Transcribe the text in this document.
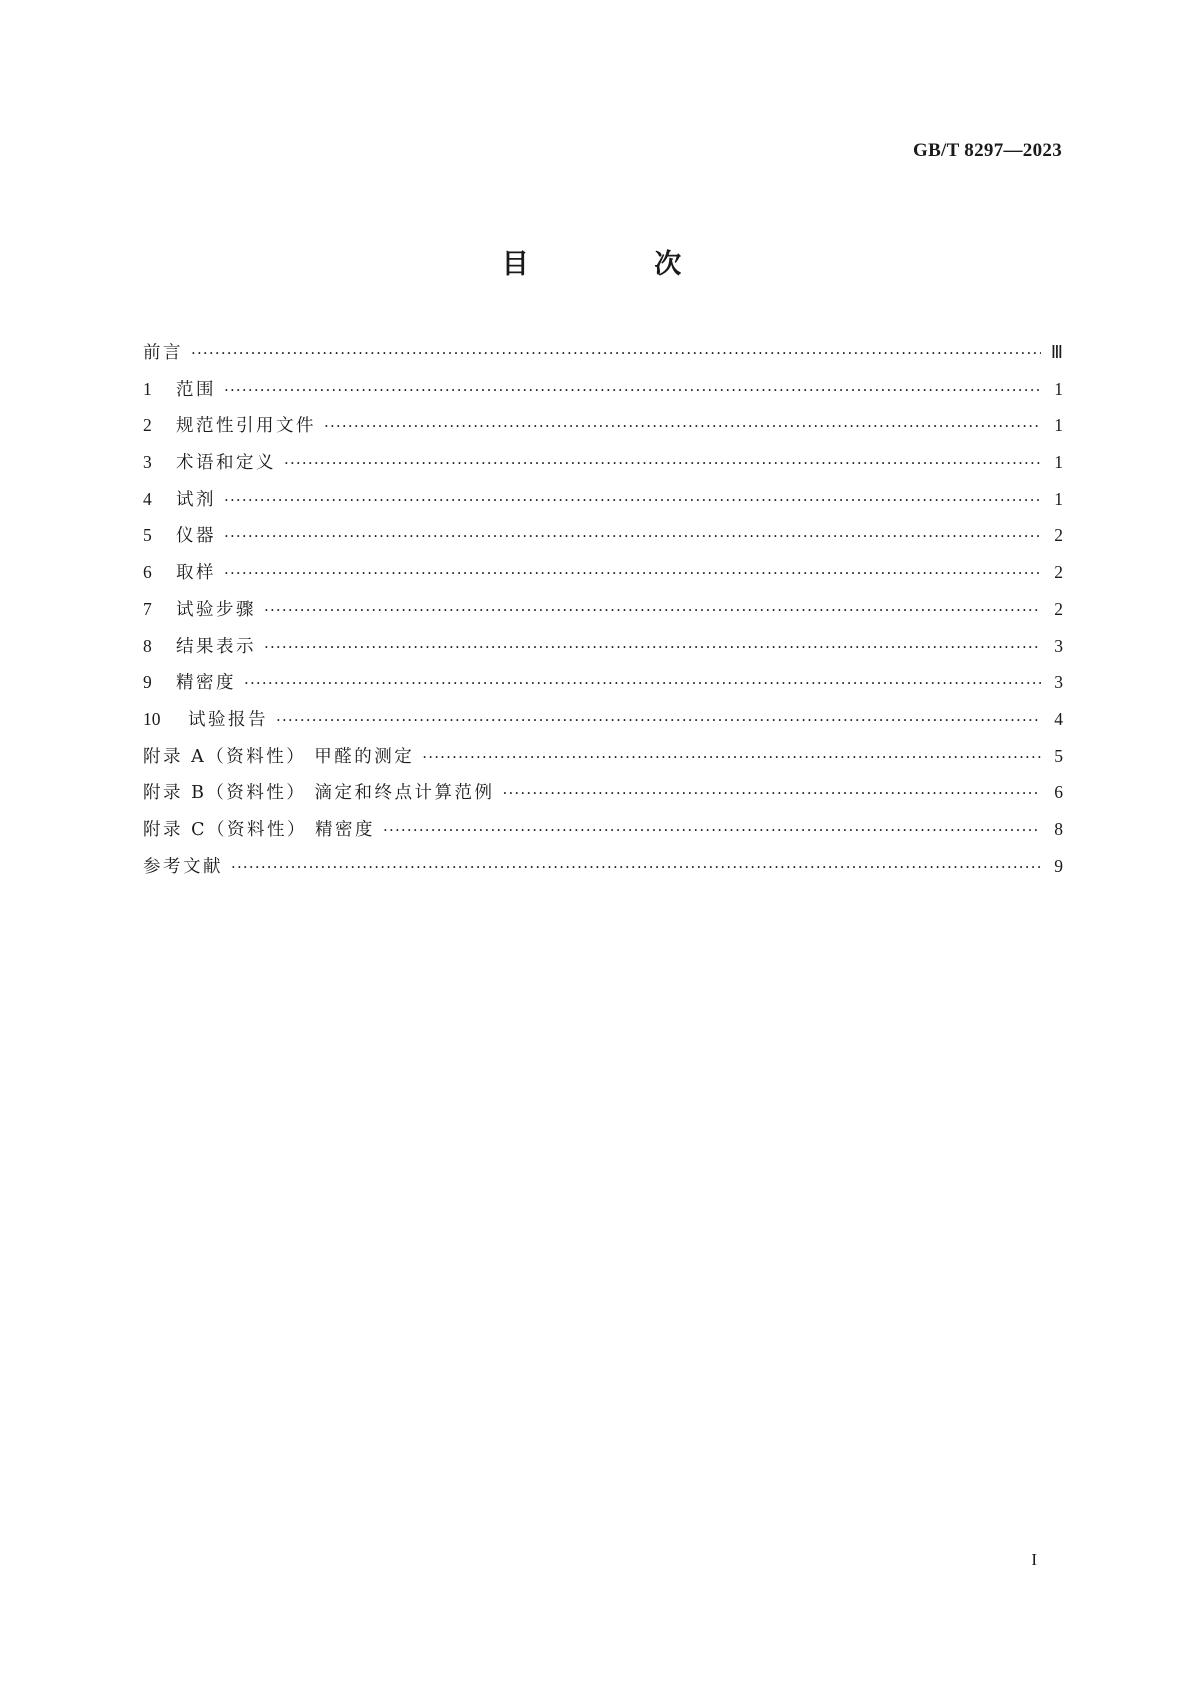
GB/T 8297—2023
目 次
前言 ·····	Ⅲ
1	范围 ·····	1
2	规范性引用文件 ·····	1
3	术语和定义 ·····	1
4	试剂 ·····	1
5	仪器 ·····	2
6	取样 ·····	2
7	试验步骤 ·····	2
8	结果表示 ·····	3
9	精密度 ·····	3
10	试验报告 ·····	4
附录 A（资料性） 甲醛的测定 ·····	5
附录 B（资料性） 滴定和终点计算范例 ·····	6
附录 C（资料性） 精密度 ·····	8
参考文献 ·····	9
I
